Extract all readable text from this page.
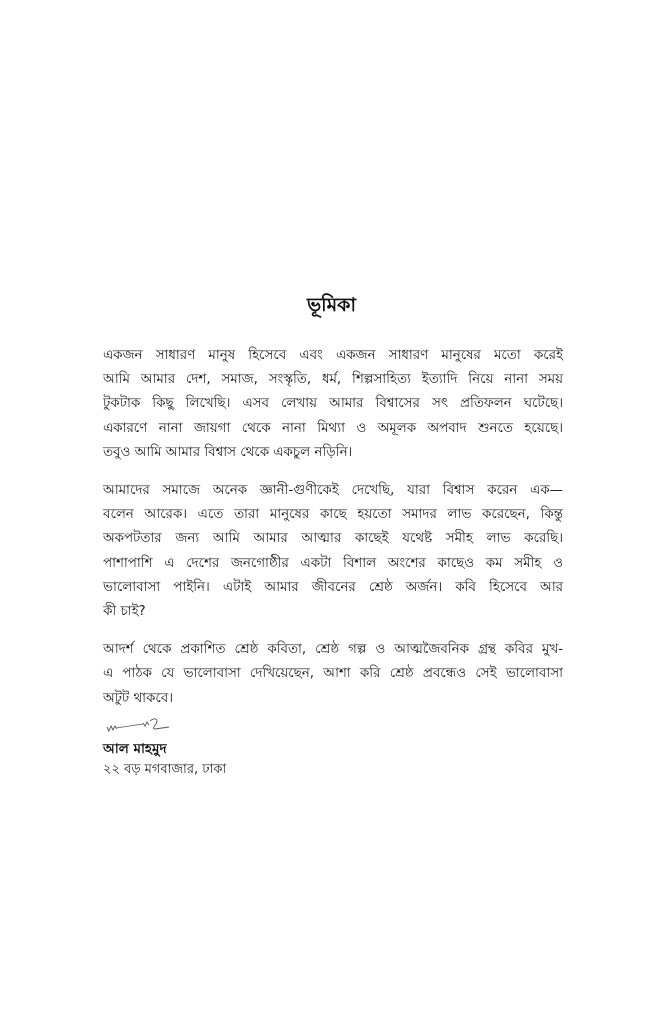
ভূমিকা

একজন সাধারণ মানুষ হিসেবে এবং একজন সাধারণ মানুষের মতো করেই
আমি আমার দেশ, সমাজ, সংস্কৃতি, ধর্ম, শিল্পসাহিত্য ইত্যাদি নিয়ে নানা সময়
টুকটাক কিছু লিখেছি। এসব লেখায় আমার বিশ্বাসের সৎ প্রতিফলন ঘটেছে।
একারণে নানা জায়গা থেকে নানা মিথ্যা ও অমূলক অপবাদ শুনতে হয়েছে।
তবুও আমি আমার বিশ্বাস থেকে একচুল নড়িনি।

আমাদের সমাজে অনেক জ্ঞানী-গুণীকেই দেখেছি, যারা বিশ্বাস করেন এক—
বলেন আরেক। এতে তারা মানুষের কাছে হয়তো সমাদর লাভ করেছেন, কিন্তু
অকপটতার জন্য আমি আমার আত্মার কাছেই যথেষ্ট সমীহ লাভ করেছি।
পাশাপাশি এ দেশের জনগোষ্ঠীর একটা বিশাল অংশের কাছেও কম সমীহ ও
ভালোবাসা পাইনি। এটাই আমার জীবনের শ্রেষ্ঠ অর্জন। কবি হিসেবে আর
কী চাই?

আদর্শ থেকে প্রকাশিত শ্রেষ্ঠ কবিতা, শ্রেষ্ঠ গল্প ও আত্মজৈবনিক গ্রন্থ কবির মুখ-
এ পাঠক যে ভালোবাসা দেখিয়েছেন, আশা করি শ্রেষ্ঠ প্রবন্ধেও সেই ভালোবাসা
অটুট থাকবে।

আল মাহমুদ
২২ বড় মগবাজার, ঢাকা
